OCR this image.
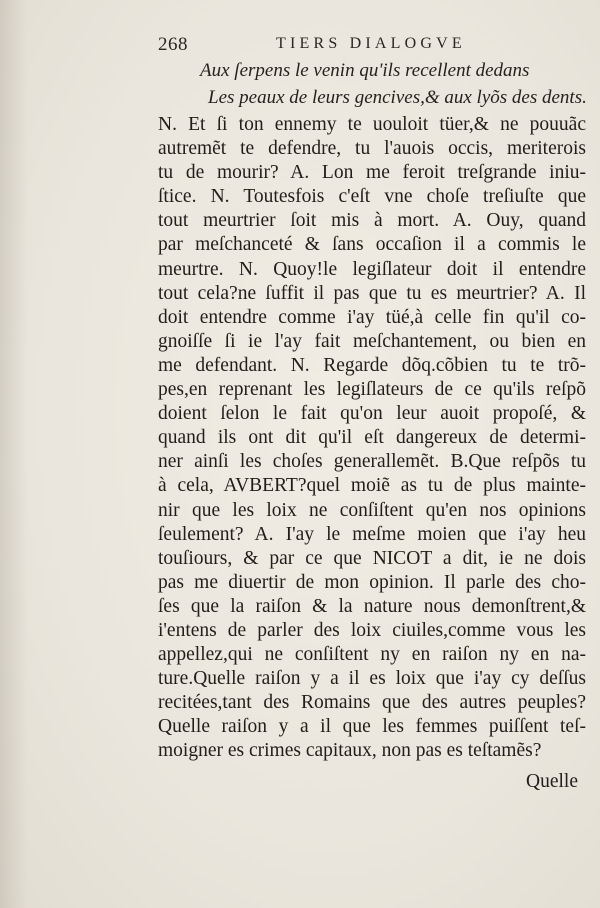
268	TIERS DIALOGVE
Aux ſerpens le venin qu'ils recellent dedans
Les peaux de leurs gencives,& aux lyõs des dents.
N. Et ſi ton ennemy te uouloit tüer,& ne pouuãc
autremẽt te defendre, tu l'auois occis, meriterois
tu de mourir? A. Lon me feroit treſgrande iniu-
ſtice. N. Toutesfois c'eſt vne choſe treſiuſte que
tout meurtrier ſoit mis à mort. A. Ouy, quand
par meſchanceté & ſans occaſion il a commis le
meurtre. N. Quoy!le legiſlateur doit il entendre
tout cela?ne ſuffit il pas que tu es meurtrier? A. Il
doit entendre comme i'ay tüé,à celle fin qu'il co-
gnoiſſe ſi ie l'ay fait meſchantement, ou bien en
me defendant. N. Regarde dõq.cõbien tu te trõ-
pes,en reprenant les legiſlateurs de ce qu'ils reſpõ
doient ſelon le fait qu'on leur auoit propoſé, &
quand ils ont dit qu'il eſt dangereux de determi-
ner ainſi les choſes generallemẽt. B.Que reſpõs tu
à cela, AVBERT?quel moiẽ as tu de plus mainte-
nir que les loix ne conſiſtent qu'en nos opinions
ſeulement? A. I'ay le meſme moien que i'ay heu
touſiours, & par ce que NICOT a dit, ie ne dois
pas me diuertir de mon opinion. Il parle des cho-
ſes que la raiſon & la nature nous demonſtrent,&
i'entens de parler des loix ciuiles,comme vous les
appellez,qui ne conſiſtent ny en raiſon ny en na-
ture.Quelle raiſon y a il es loix que i'ay cy deſſus
recitées,tant des Romains que des autres peuples?
Quelle raiſon y a il que les femmes puiſſent teſ-
moigner es crimes capitaux, non pas es teſtamẽs?
Quelle
